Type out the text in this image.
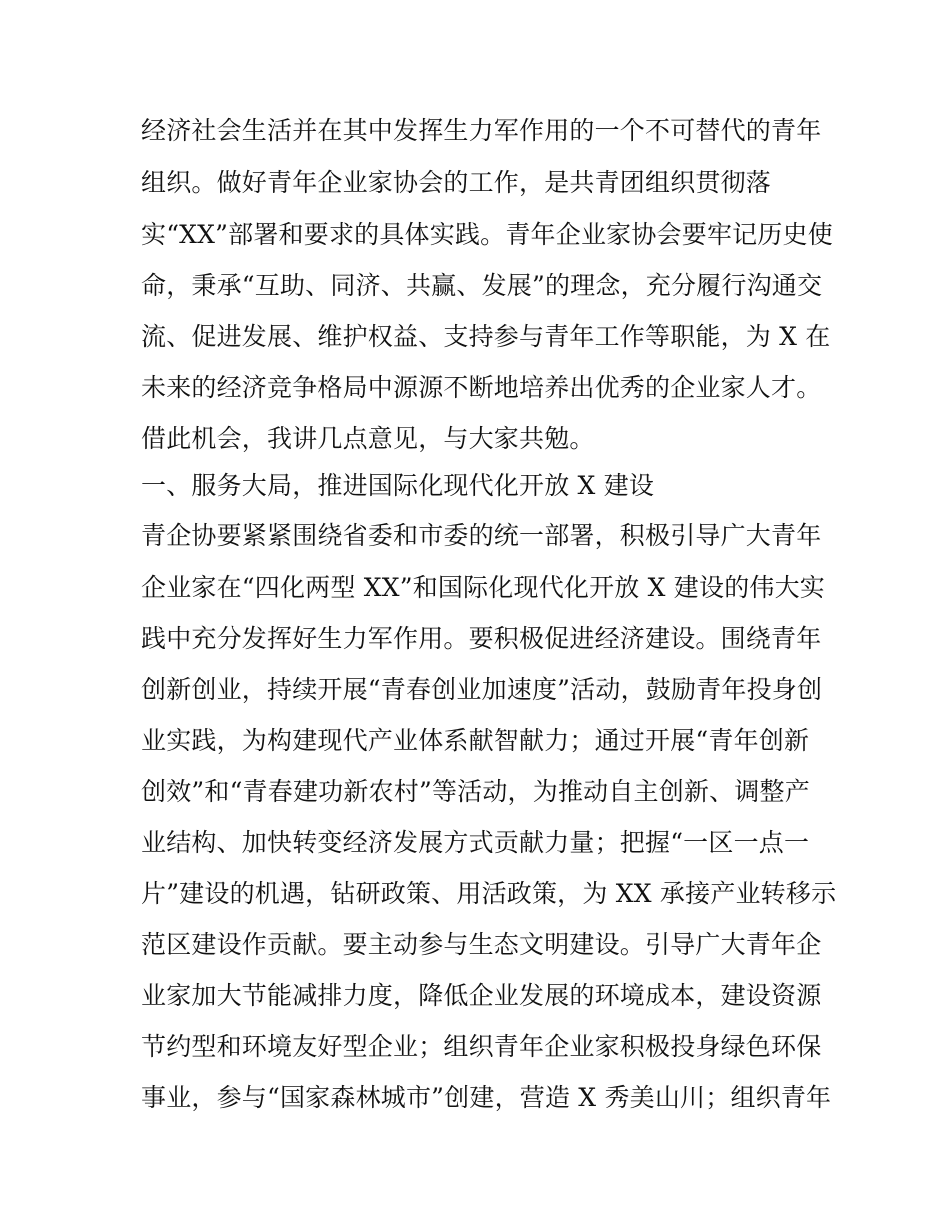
经济社会生活并在其中发挥生力军作用的一个不可替代的青年
组织。做好青年企业家协会的工作，是共青团组织贯彻落
实“XX”部署和要求的具体实践。青年企业家协会要牢记历史使
命，秉承“互助、同济、共赢、发展”的理念，充分履行沟通交
流、促进发展、维护权益、支持参与青年工作等职能，为 X 在
未来的经济竞争格局中源源不断地培养出优秀的企业家人才。
借此机会，我讲几点意见，与大家共勉。
一、服务大局，推进国际化现代化开放 X 建设
青企协要紧紧围绕省委和市委的统一部署，积极引导广大青年
企业家在“四化两型 XX”和国际化现代化开放 X 建设的伟大实
践中充分发挥好生力军作用。要积极促进经济建设。围绕青年
创新创业，持续开展“青春创业加速度”活动，鼓励青年投身创
业实践，为构建现代产业体系献智献力；通过开展“青年创新
创效”和“青春建功新农村”等活动，为推动自主创新、调整产
业结构、加快转变经济发展方式贡献力量；把握“一区一点一
片”建设的机遇，钻研政策、用活政策，为 XX 承接产业转移示
范区建设作贡献。要主动参与生态文明建设。引导广大青年企
业家加大节能减排力度，降低企业发展的环境成本，建设资源
节约型和环境友好型企业；组织青年企业家积极投身绿色环保
事业，参与“国家森林城市”创建，营造 X 秀美山川；组织青年
